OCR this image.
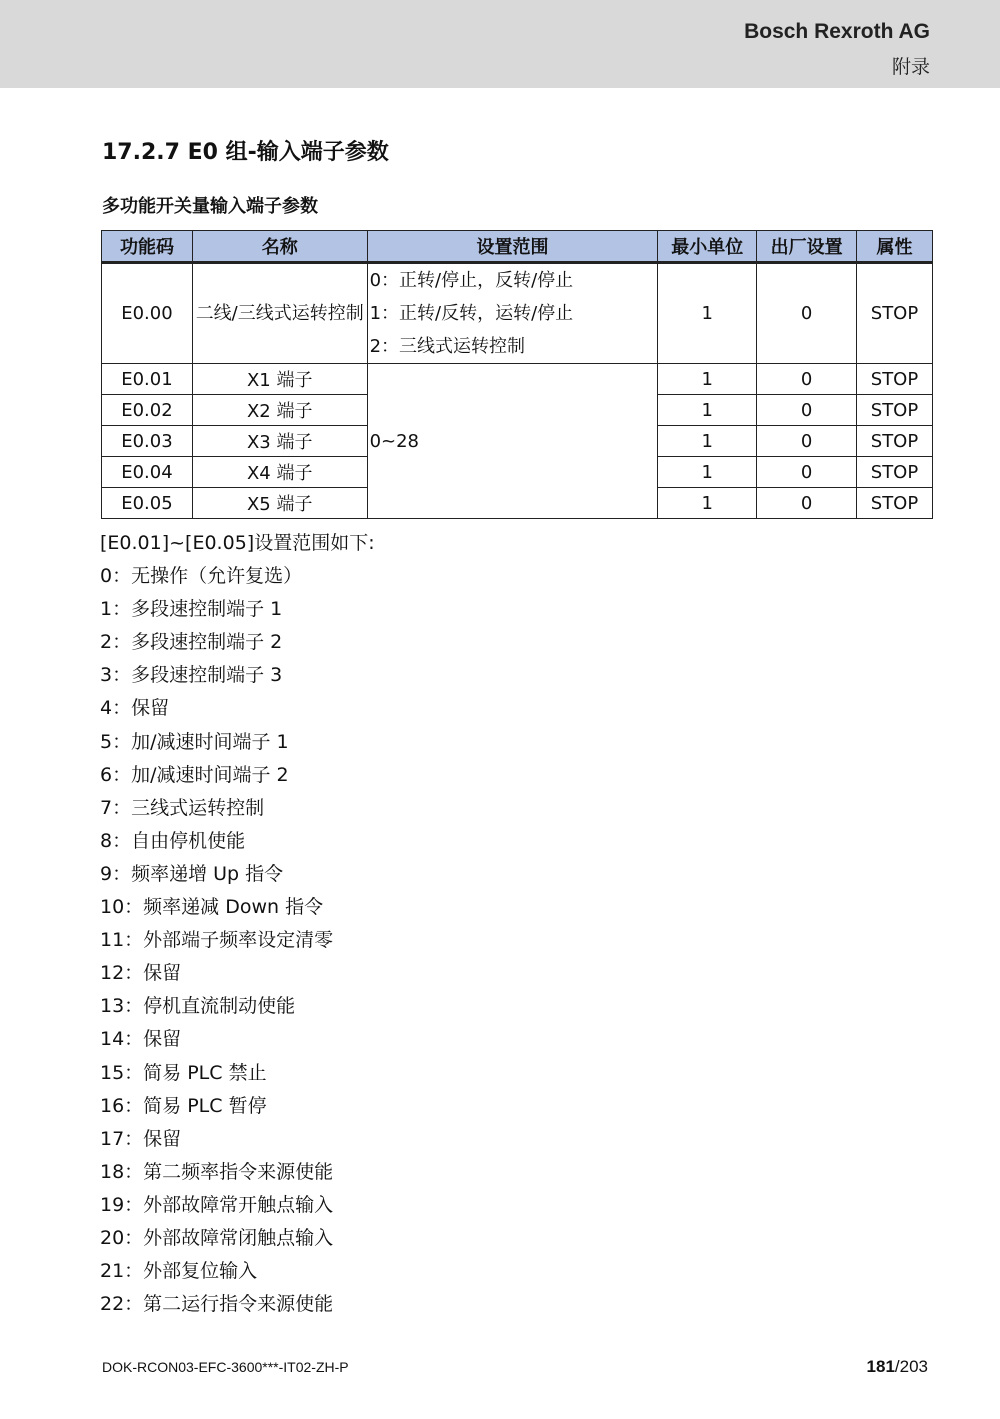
Bosch Rexroth AG
附录
17.2.7 E0 组-输入端子参数
多功能开关量输入端子参数
功能码	名称	设置范围	最小单位	出厂设置	属性
E0.00	二线/三线式运转控制	0：正转/停止，反转/停止
1：正转/反转，运转/停止
2：三线式运转控制	1	0	STOP
E0.01	X1 端子	0~28	1	0	STOP
E0.02	X2 端子		1	0	STOP
E0.03	X3 端子		1	0	STOP
E0.04	X4 端子		1	0	STOP
E0.05	X5 端子		1	0	STOP
[E0.01]~[E0.05]设置范围如下:
0：无操作（允许复选）
1：多段速控制端子 1
2：多段速控制端子 2
3：多段速控制端子 3
4：保留
5：加/减速时间端子 1
6：加/减速时间端子 2
7：三线式运转控制
8：自由停机使能
9：频率递增 Up 指令
10：频率递减 Down 指令
11：外部端子频率设定清零
12：保留
13：停机直流制动使能
14：保留
15：简易 PLC 禁止
16：简易 PLC 暂停
17：保留
18：第二频率指令来源使能
19：外部故障常开触点输入
20：外部故障常闭触点输入
21：外部复位输入
22：第二运行指令来源使能
DOK-RCON03-EFC-3600***-IT02-ZH-P	181/203
